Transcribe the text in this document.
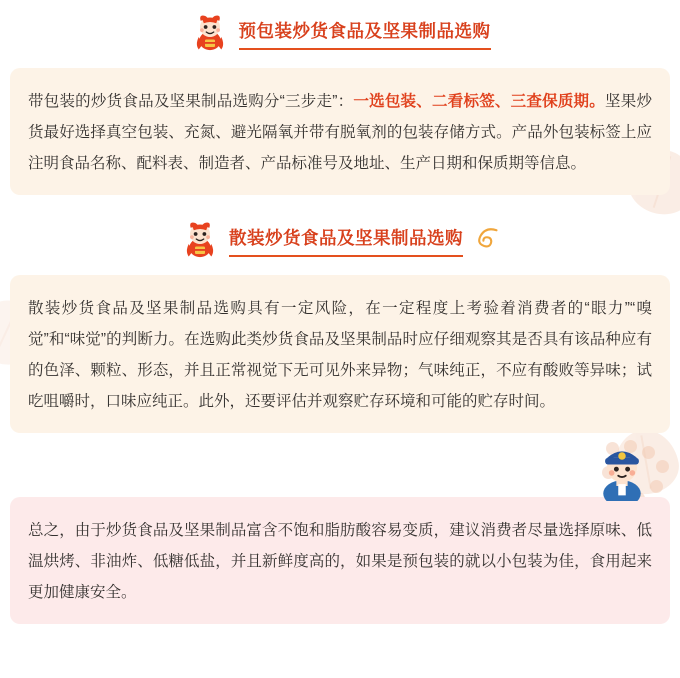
预包装炒货食品及坚果制品选购
带包装的炒货食品及坚果制品选购分“三步走”：一选包装、二看标签、三查保质期。坚果炒货最好选择真空包装、充氮、避光隔氧并带有脱氧剂的包装存储方式。产品外包装标签上应注明食品名称、配料表、制造者、产品标准号及地址、生产日期和保质期等信息。
散装炒货食品及坚果制品选购
散装炒货食品及坚果制品选购具有一定风险，在一定程度上考验着消费者的“眼力”“嗅觉”和“味觉”的判断力。在选购此类炒货食品及坚果制品时应仔细观察其是否具有该品种应有的色泽、颗粒、形态，并且正常视觉下无可见外来异物；气味纯正，不应有酸败等异味；试吃咀嚼时，口味应纯正。此外，还要评估并观察贮存环境和可能的贮存时间。
总之，由于炒货食品及坚果制品富含不饱和脂肪酸容易变质，建议消费者尽量选择原味、低温烘烤、非油炸、低糖低盐，并且新鲜度高的，如果是预包装的就以小包装为佳，食用起来更加健康安全。
